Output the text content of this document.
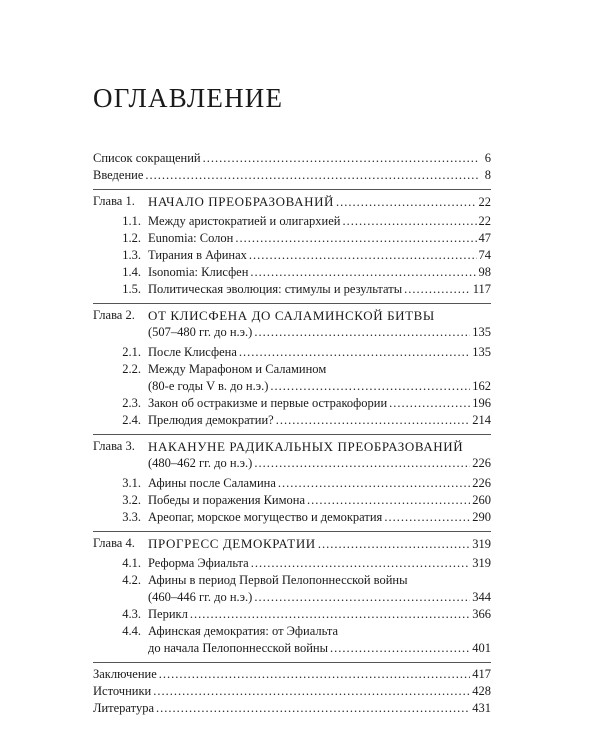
ОГЛАВЛЕНИЕ
Список сокращений .....	6
Введение .....	8
Глава 1. НАЧАЛО ПРЕОБРАЗОВАНИЙ .....	22
1.1. Между аристократией и олигархией .....	22
1.2. Eunomia: Солон .....	47
1.3. Тирания в Афинах .....	74
1.4. Isonomia: Клисфен .....	98
1.5. Политическая эволюция: стимулы и результаты .....	117
Глава 2. ОТ КЛИСФЕНА ДО САЛАМИНСКОЙ БИТВЫ
(507–480 гг. до н.э.) .....	135
2.1. После Клисфена .....	135
2.2. Между Марафоном и Саламином
(80-е годы V в. до н.э.) .....	162
2.3. Закон об остракизме и первые остракофории .....	196
2.4. Прелюдия демократии? .....	214
Глава 3. НАКАНУНЕ РАДИКАЛЬНЫХ ПРЕОБРАЗОВАНИЙ
(480–462 гг. до н.э.) .....	226
3.1. Афины после Саламина .....	226
3.2. Победы и поражения Кимона .....	260
3.3. Ареопаг, морское могущество и демократия .....	290
Глава 4. ПРОГРЕСС ДЕМОКРАТИИ .....	319
4.1. Реформа Эфиальта .....	319
4.2. Афины в период Первой Пелопоннесской войны
(460–446 гг. до н.э.) .....	344
4.3. Перикл .....	366
4.4. Афинская демократия: от Эфиальта
до начала Пелопоннесской войны .....	401
Заключение .....	417
Источники .....	428
Литература .....	431
